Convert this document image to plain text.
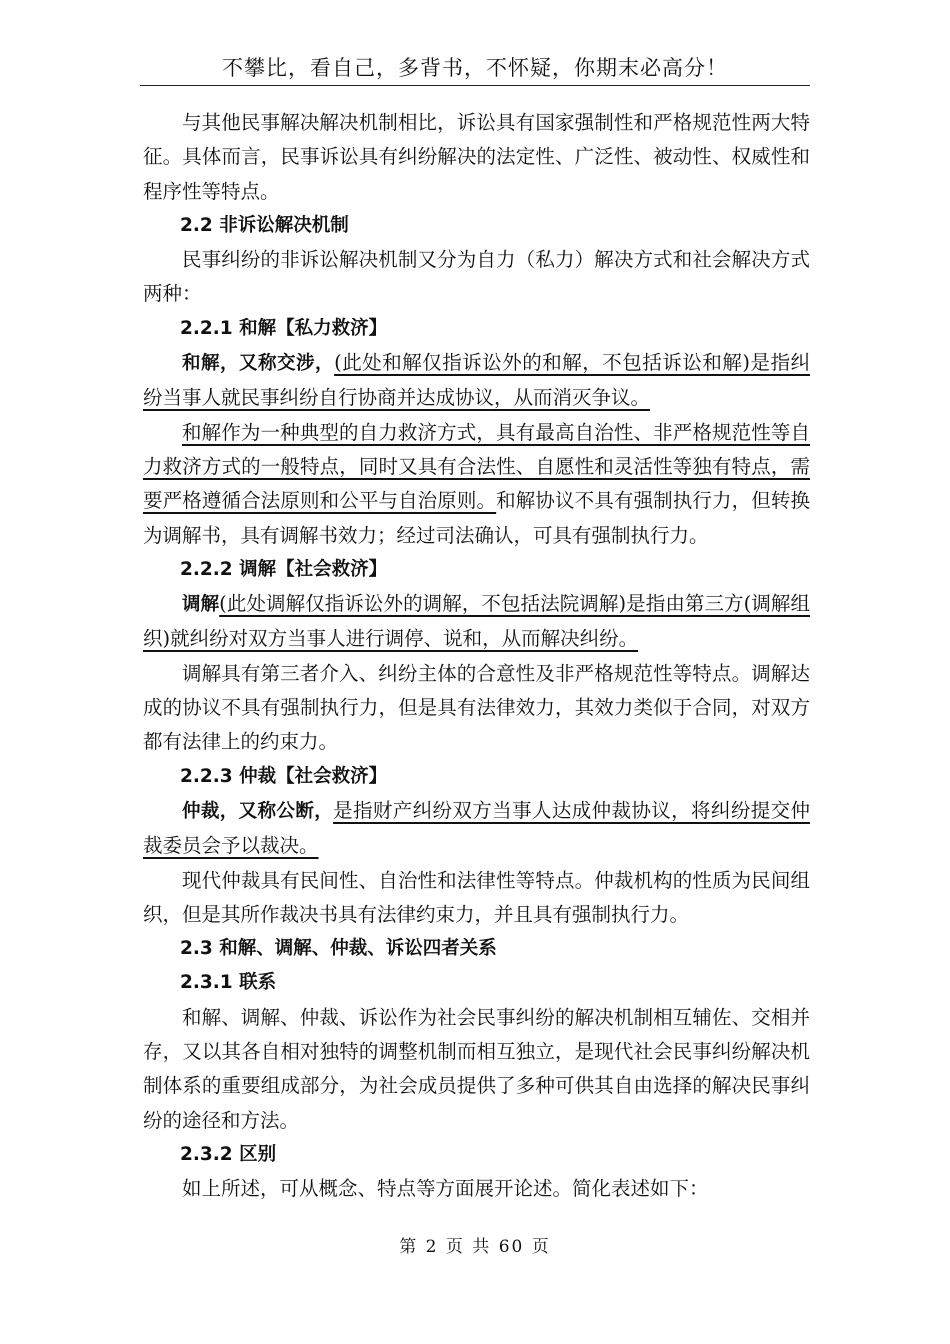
不攀比，看自己，多背书，不怀疑，你期末必高分！

与其他民事解决解决机制相比，诉讼具有国家强制性和严格规范性两大特征。具体而言，民事诉讼具有纠纷解决的法定性、广泛性、被动性、权威性和程序性等特点。

2.2 非诉讼解决机制

民事纠纷的非诉讼解决机制又分为自力（私力）解决方式和社会解决方式两种：

2.2.1 和解【私力救济】

和解，又称交涉，(此处和解仅指诉讼外的和解，不包括诉讼和解)是指纠纷当事人就民事纠纷自行协商并达成协议，从而消灭争议。

和解作为一种典型的自力救济方式，具有最高自治性、非严格规范性等自力救济方式的一般特点，同时又具有合法性、自愿性和灵活性等独有特点，需要严格遵循合法原则和公平与自治原则。和解协议不具有强制执行力，但转换为调解书，具有调解书效力；经过司法确认，可具有强制执行力。

2.2.2 调解【社会救济】

调解(此处调解仅指诉讼外的调解，不包括法院调解)是指由第三方(调解组织)就纠纷对双方当事人进行调停、说和，从而解决纠纷。

调解具有第三者介入、纠纷主体的合意性及非严格规范性等特点。调解达成的协议不具有强制执行力，但是具有法律效力，其效力类似于合同，对双方都有法律上的约束力。

2.2.3 仲裁【社会救济】

仲裁，又称公断，是指财产纠纷双方当事人达成仲裁协议，将纠纷提交仲裁委员会予以裁决。

现代仲裁具有民间性、自治性和法律性等特点。仲裁机构的性质为民间组织，但是其所作裁决书具有法律约束力，并且具有强制执行力。

2.3 和解、调解、仲裁、诉讼四者关系

2.3.1 联系

和解、调解、仲裁、诉讼作为社会民事纠纷的解决机制相互辅佐、交相并存，又以其各自相对独特的调整机制而相互独立，是现代社会民事纠纷解决机制体系的重要组成部分，为社会成员提供了多种可供其自由选择的解决民事纠纷的途径和方法。

2.3.2 区别

如上所述，可从概念、特点等方面展开论述。简化表述如下：

第 2 页 共 60 页
